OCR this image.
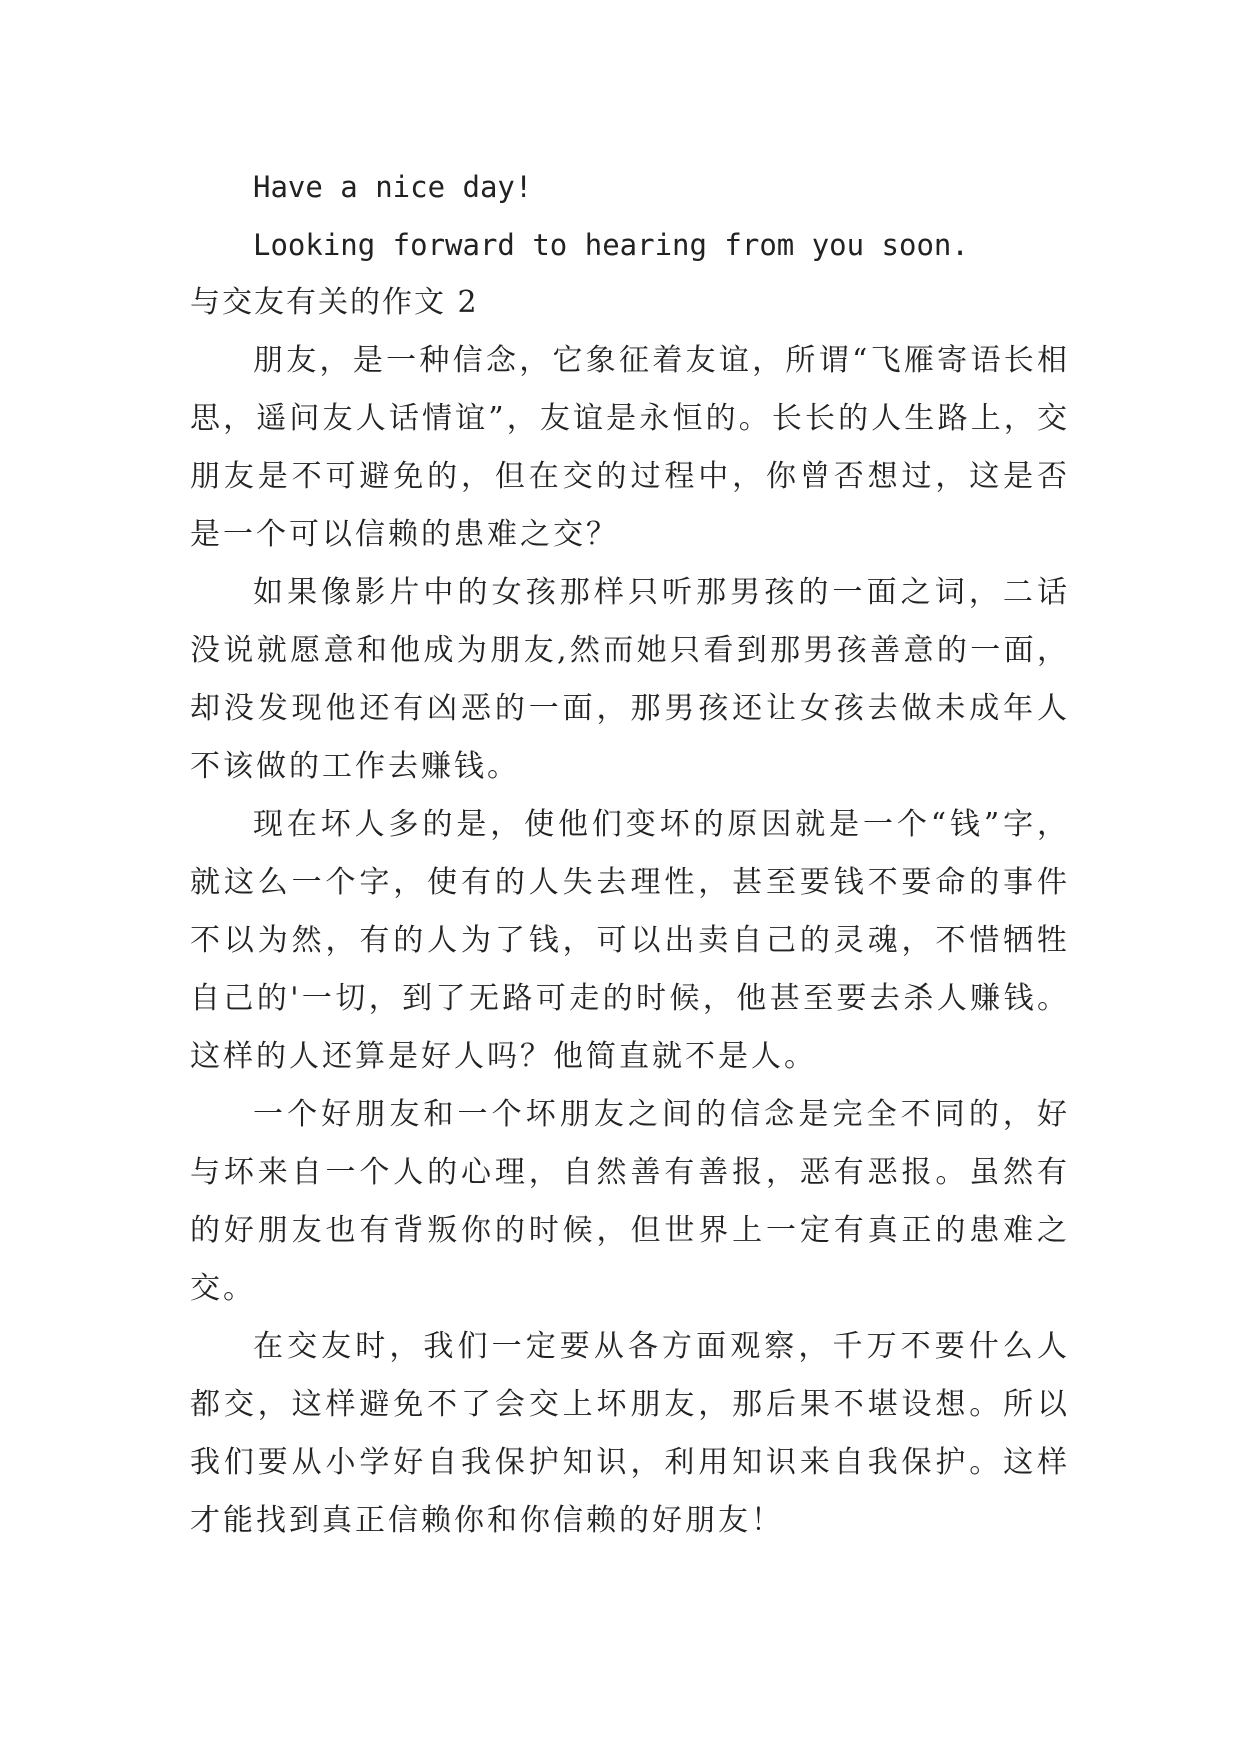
Have a nice day!

Looking forward to hearing from you soon.

与交友有关的作文 2

朋友，是一种信念，它象征着友谊，所谓“飞雁寄语长相思，遥问友人话情谊”，友谊是永恒的。长长的人生路上，交朋友是不可避免的，但在交的过程中，你曾否想过，这是否是一个可以信赖的患难之交？

如果像影片中的女孩那样只听那男孩的一面之词，二话没说就愿意和他成为朋友,然而她只看到那男孩善意的一面，却没发现他还有凶恶的一面，那男孩还让女孩去做未成年人不该做的工作去赚钱。

现在坏人多的是，使他们变坏的原因就是一个“钱”字，就这么一个字，使有的人失去理性，甚至要钱不要命的事件不以为然，有的人为了钱，可以出卖自己的灵魂，不惜牺牲自己的'一切，到了无路可走的时候，他甚至要去杀人赚钱。这样的人还算是好人吗？他简直就不是人。

一个好朋友和一个坏朋友之间的信念是完全不同的，好与坏来自一个人的心理，自然善有善报，恶有恶报。虽然有的好朋友也有背叛你的时候，但世界上一定有真正的患难之交。

在交友时，我们一定要从各方面观察，千万不要什么人都交，这样避免不了会交上坏朋友，那后果不堪设想。所以我们要从小学好自我保护知识，利用知识来自我保护。这样才能找到真正信赖你和你信赖的好朋友！
